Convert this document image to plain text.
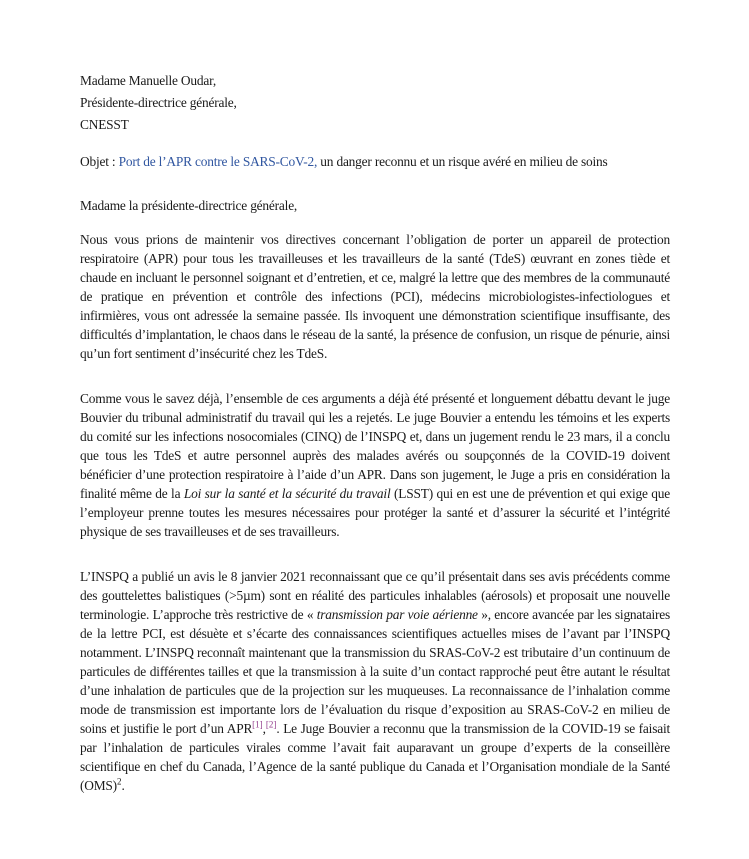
Madame Manuelle Oudar,
Présidente-directrice générale,
CNESST

Objet : Port de l’APR contre le SARS-CoV-2, un danger reconnu et un risque avéré en milieu de soins

Madame la présidente-directrice générale,

Nous vous prions de maintenir vos directives concernant l’obligation de porter un appareil de protection respiratoire (APR) pour tous les travailleuses et les travailleurs de la santé (TdeS) œuvrant en zones tiède et chaude en incluant le personnel soignant et d’entretien, et ce, malgré la lettre que des membres de la communauté de pratique en prévention et contrôle des infections (PCI), médecins microbiologistes-infectiologues et infirmières, vous ont adressée la semaine passée. Ils invoquent une démonstration scientifique insuffisante, des difficultés d’implantation, le chaos dans le réseau de la santé, la présence de confusion, un risque de pénurie, ainsi qu’un fort sentiment d’insécurité chez les TdeS.

Comme vous le savez déjà, l’ensemble de ces arguments a déjà été présenté et longuement débattu devant le juge Bouvier du tribunal administratif du travail qui les a rejetés. Le juge Bouvier a entendu les témoins et les experts du comité sur les infections nosocomiales (CINQ) de l’INSPQ et, dans un jugement rendu le 23 mars, il a conclu que tous les TdeS et autre personnel auprès des malades avérés ou soupçonnés de la COVID-19 doivent bénéficier d’une protection respiratoire à l’aide d’un APR. Dans son jugement, le Juge a pris en considération la finalité même de la Loi sur la santé et la sécurité du travail (LSST) qui en est une de prévention et qui exige que l’employeur prenne toutes les mesures nécessaires pour protéger la santé et d’assurer la sécurité et l’intégrité physique de ses travailleuses et de ses travailleurs.

L’INSPQ a publié un avis le 8 janvier 2021 reconnaissant que ce qu’il présentait dans ses avis précédents comme des gouttelettes balistiques (>5µm) sont en réalité des particules inhalables (aérosols) et proposait une nouvelle terminologie. L’approche très restrictive de « transmission par voie aérienne », encore avancée par les signataires de la lettre PCI, est désuète et s’écarte des connaissances scientifiques actuelles mises de l’avant par l’INSPQ notamment. L’INSPQ reconnaît maintenant que la transmission du SRAS-CoV-2 est tributaire d’un continuum de particules de différentes tailles et que la transmission à la suite d’un contact rapproché peut être autant le résultat d’une inhalation de particules que de la projection sur les muqueuses. La reconnaissance de l’inhalation comme mode de transmission est importante lors de l’évaluation du risque d’exposition au SRAS-CoV-2 en milieu de soins et justifie le port d’un APR[1],[2]. Le Juge Bouvier a reconnu que la transmission de la COVID-19 se faisait par l’inhalation de particules virales comme l’avait fait auparavant un groupe d’experts de la conseillère scientifique en chef du Canada, l’Agence de la santé publique du Canada et l’Organisation mondiale de la Santé (OMS)$^2$.
